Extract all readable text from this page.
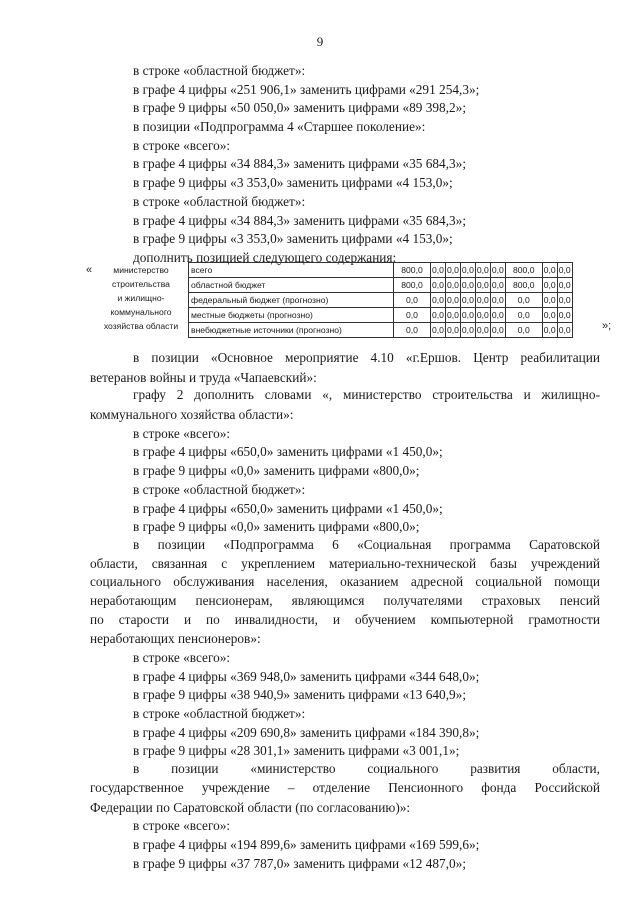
9
в строке «областной бюджет»:
в графе 4 цифры «251 906,1» заменить цифрами «291 254,3»;
в графе 9 цифры «50 050,0» заменить цифрами «89 398,2»;
в позиции «Подпрограмма 4 «Старшее поколение»:
в строке «всего»:
в графе 4 цифры «34 884,3» заменить цифрами «35 684,3»;
в графе 9 цифры «3 353,0» заменить цифрами «4 153,0»;
в строке «областной бюджет»:
в графе 4 цифры «34 884,3» заменить цифрами «35 684,3»;
в графе 9 цифры «3 353,0» заменить цифрами «4 153,0»;
дополнить позицией следующего содержания:
«	министерство
строительства
и жилищно-
коммунального
хозяйства области	всего	800,0	0,0	0,0	0,0	0,0	0,0	800,0	0,0	0,0
	областной бюджет	800,0	0,0	0,0	0,0	0,0	0,0	800,0	0,0	0,0
	федеральный бюджет (прогнозно)	0,0	0,0	0,0	0,0	0,0	0,0	0,0	0,0	0,0
	местные бюджеты (прогнозно)	0,0	0,0	0,0	0,0	0,0	0,0	0,0	0,0	0,0
	внебюджетные источники (прогнозно)	0,0	0,0	0,0	0,0	0,0	0,0	0,0	0,0	0,0	»;
в позиции «Основное мероприятие 4.10 «г.Ершов. Центр реабилитации
ветеранов войны и труда «Чапаевский»:
графу 2 дополнить словами «, министерство строительства и жилищно-
коммунального хозяйства области»:
в строке «всего»:
в графе 4 цифры «650,0» заменить цифрами «1 450,0»;
в графе 9 цифры «0,0» заменить цифрами «800,0»;
в строке «областной бюджет»:
в графе 4 цифры «650,0» заменить цифрами «1 450,0»;
в графе 9 цифры «0,0» заменить цифрами «800,0»;
в позиции «Подпрограмма 6 «Социальная программа Саратовской
области, связанная с укреплением материально-технической базы учреждений
социального обслуживания населения, оказанием адресной социальной помощи
неработающим пенсионерам, являющимся получателями страховых пенсий
по старости и по инвалидности, и обучением компьютерной грамотности
неработающих пенсионеров»:
в строке «всего»:
в графе 4 цифры «369 948,0» заменить цифрами «344 648,0»;
в графе 9 цифры «38 940,9» заменить цифрами «13 640,9»;
в строке «областной бюджет»:
в графе 4 цифры «209 690,8» заменить цифрами «184 390,8»;
в графе 9 цифры «28 301,1» заменить цифрами «3 001,1»;
в позиции «министерство социального развития области,
государственное учреждение – отделение Пенсионного фонда Российской
Федерации по Саратовской области (по согласованию)»:
в строке «всего»:
в графе 4 цифры «194 899,6» заменить цифрами «169 599,6»;
в графе 9 цифры «37 787,0» заменить цифрами «12 487,0»;
